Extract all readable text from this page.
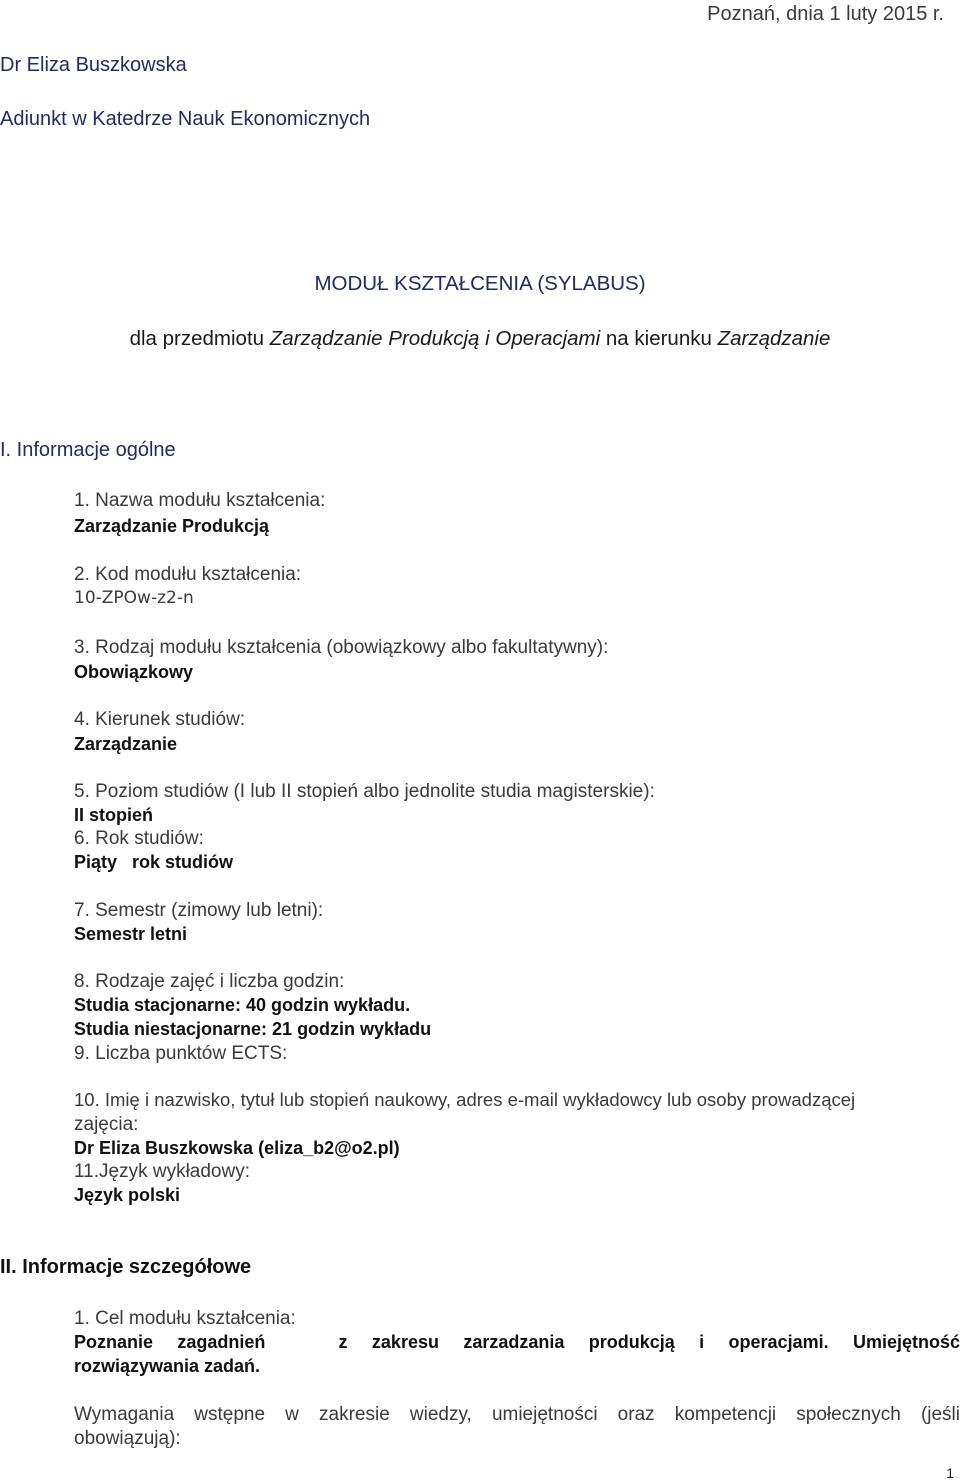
Poznań, dnia 1 luty 2015 r.
Dr Eliza Buszkowska
Adiunkt w Katedrze Nauk Ekonomicznych
MODUŁ KSZTAŁCENIA (SYLABUS)
dla przedmiotu Zarządzanie Produkcją i Operacjami na kierunku Zarządzanie
I. Informacje ogólne
1. Nazwa modułu kształcenia:
Zarządzanie Produkcją
2. Kod modułu kształcenia:
10-ZPOw-z2-n
3. Rodzaj modułu kształcenia (obowiązkowy albo fakultatywny):
Obowiązkowy
4. Kierunek studiów:
Zarządzanie
5. Poziom studiów (I lub II stopień albo jednolite studia magisterskie):
II stopień
6. Rok studiów:
Piąty   rok studiów
7. Semestr (zimowy lub letni):
Semestr letni
8. Rodzaje zajęć i liczba godzin:
Studia stacjonarne: 40 godzin wykładu.
Studia niestacjonarne: 21 godzin wykładu
9. Liczba punktów ECTS:
10. Imię i nazwisko, tytuł lub stopień naukowy, adres e-mail wykładowcy lub osoby prowadzącej
zajęcia:
Dr Eliza Buszkowska (eliza_b2@o2.pl)
11.Język wykładowy:
Język polski
II. Informacje szczegółowe
1. Cel modułu kształcenia:
Poznanie zagadnień   z zakresu zarzadzania produkcją i operacjami. Umiejętność
rozwiązywania zadań.
Wymagania wstępne w zakresie wiedzy, umiejętności oraz kompetencji społecznych (jeśli
obowiązują):
1
